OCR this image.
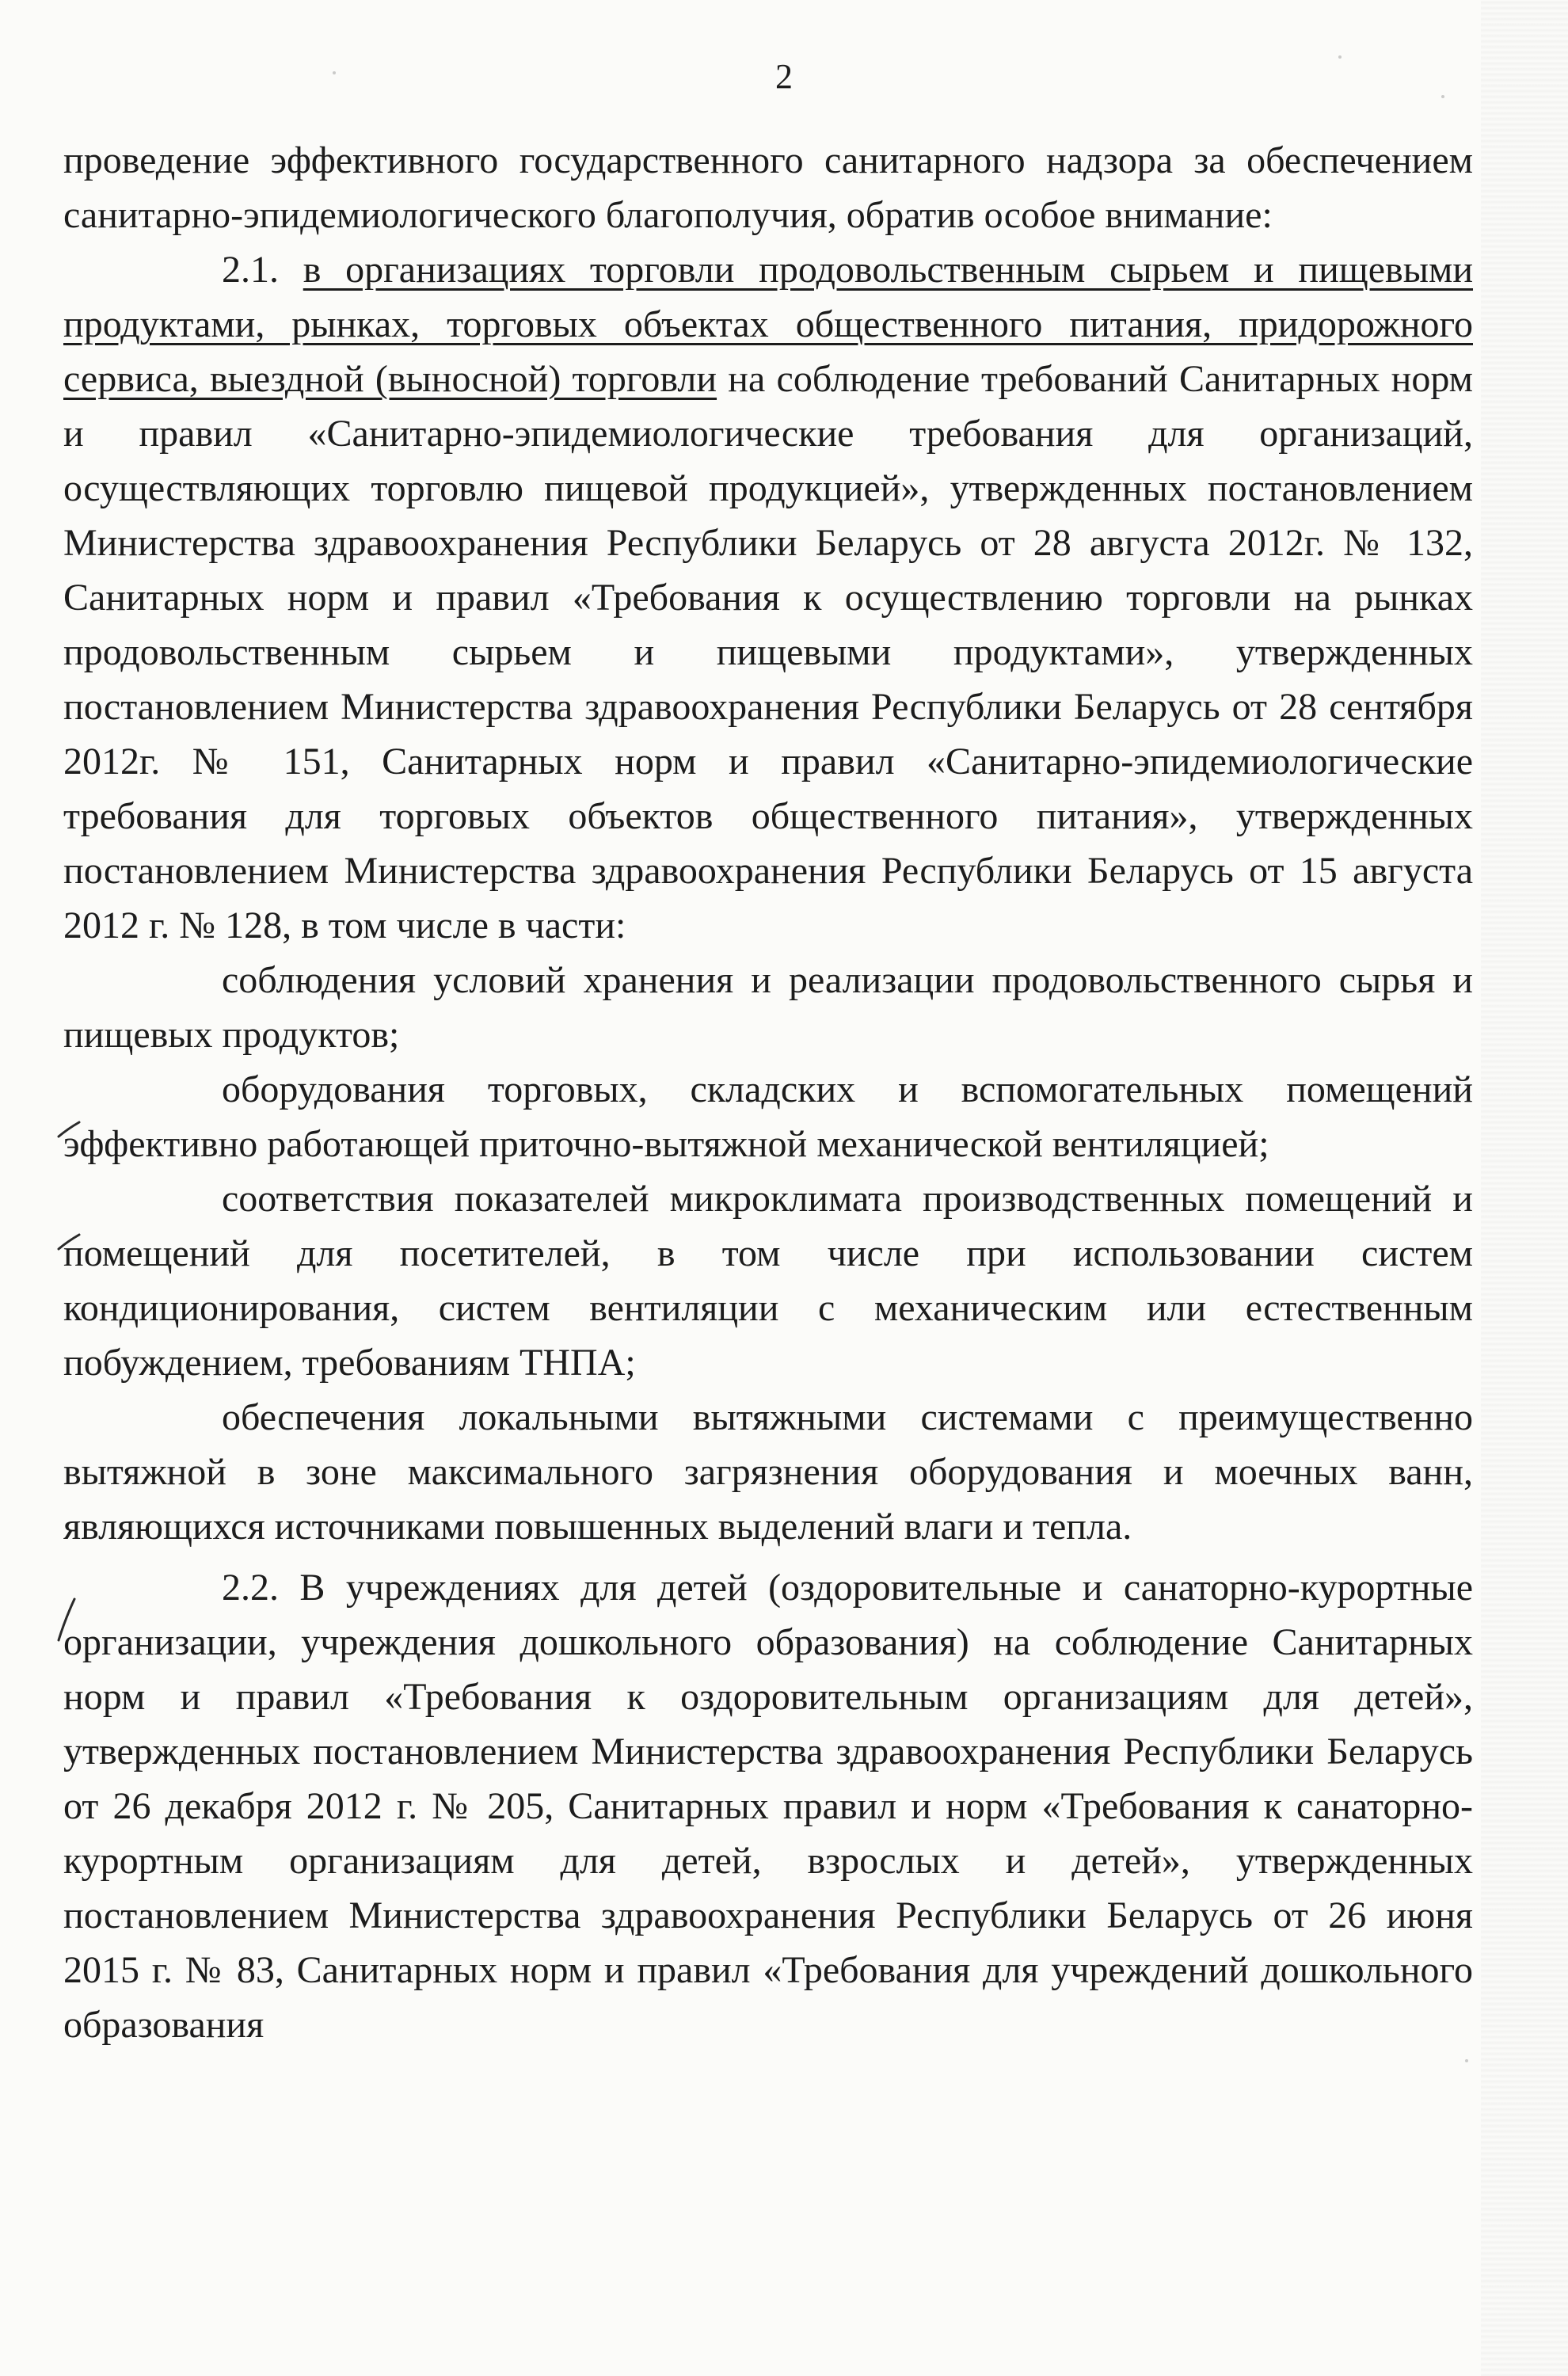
2

проведение эффективного государственного санитарного надзора за обеспечением санитарно-эпидемиологического благополучия, обратив особое внимание:

2.1. в организациях торговли продовольственным сырьем и пищевыми продуктами, рынках, торговых объектах общественного питания, придорожного сервиса, выездной (выносной) торговли на соблюдение требований Санитарных норм и правил «Санитарно-эпидемиологические требования для организаций, осуществляющих торговлю пищевой продукцией», утвержденных постановлением Министерства здравоохранения Республики Беларусь от 28 августа 2012г. № 132, Санитарных норм и правил «Требования к осуществлению торговли на рынках продовольственным сырьем и пищевыми продуктами», утвержденных постановлением Министерства здравоохранения Республики Беларусь от 28 сентября 2012г. № 151, Санитарных норм и правил «Санитарно-эпидемиологические требования для торговых объектов общественного питания», утвержденных постановлением Министерства здравоохранения Республики Беларусь от 15 августа 2012 г. № 128, в том числе в части:

соблюдения условий хранения и реализации продовольственного сырья и пищевых продуктов;

оборудования торговых, складских и вспомогательных помещений эффективно работающей приточно-вытяжной механической вентиляцией;

соответствия показателей микроклимата производственных помещений и помещений для посетителей, в том числе при использовании систем кондиционирования, систем вентиляции с механическим или естественным побуждением, требованиям ТНПА;

обеспечения локальными вытяжными системами с преимущественно вытяжной в зоне максимального загрязнения оборудования и моечных ванн, являющихся источниками повышенных выделений влаги и тепла.

2.2. В учреждениях для детей (оздоровительные и санаторно-курортные организации, учреждения дошкольного образования) на соблюдение Санитарных норм и правил «Требования к оздоровительным организациям для детей», утвержденных постановлением Министерства здравоохранения Республики Беларусь от 26 декабря 2012 г. № 205, Санитарных правил и норм «Требования к санаторно-курортным организациям для детей, взрослых и детей», утвержденных постановлением Министерства здравоохранения Республики Беларусь от 26 июня 2015 г. № 83, Санитарных норм и правил «Требования для учреждений дошкольного образования
